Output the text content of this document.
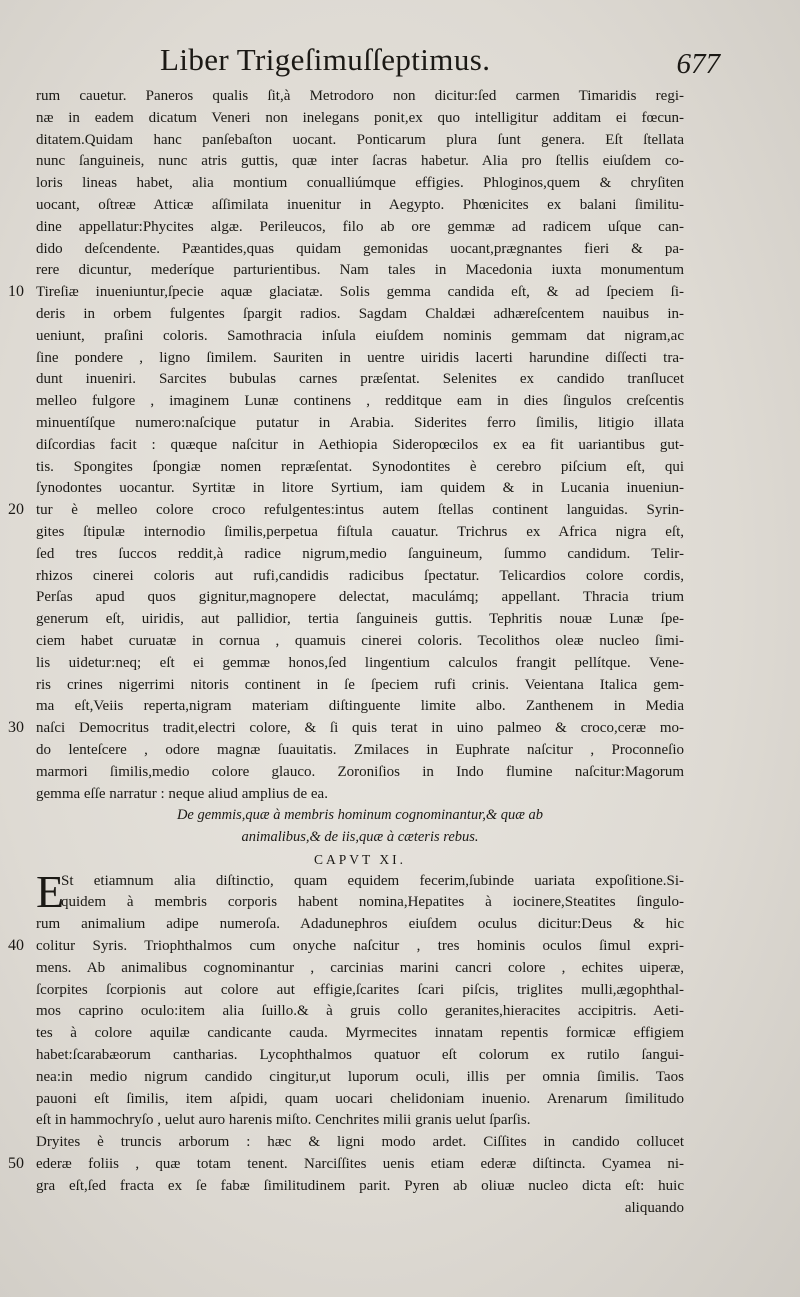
Liber Trigeſimuſſeptimus.	677
rum cauetur. Paneros qualis ſit,à Metrodoro non dicitur:ſed carmen Timaridis regi-
næ in eadem dicatum Veneri non inelegans ponit,ex quo intelligitur additam ei fœcun-
ditatem.Quidam hanc panſebaſton uocant. Ponticarum plura ſunt genera. Eſt ſtellata
nunc ſanguineis, nunc atris guttis, quæ inter ſacras habetur. Alia pro ſtellis eiuſdem co-
loris lineas habet, alia montium conualliúmque effigies. Phloginos,quem & chryſiten
uocant, oſtreæ Atticæ aſſimilata inuenitur in Aegypto. Phœnicites ex balani ſimilitu-
dine appellatur:Phycites algæ. Perileucos, filo ab ore gemmæ ad radicem uſque can-
dido deſcendente. Pæantides,quas quidam gemonidas uocant,prægnantes fieri & pa-
rere dicuntur, mederíque parturientibus. Nam tales in Macedonia iuxta monumentum
Tireſiæ inueniuntur,ſpecie aquæ glaciatæ. Solis gemma candida eſt, & ad ſpeciem ſi-
deris in orbem fulgentes ſpargit radios. Sagdam Chaldæi adhæreſcentem nauibus in-
ueniunt, praſini coloris. Samothracia inſula eiuſdem nominis gemmam dat nigram,ac
ſine pondere , ligno ſimilem. Sauriten in uentre uiridis lacerti harundine diſſecti tra-
dunt inueniri. Sarcites bubulas carnes præſentat. Selenites ex candido tranſlucet
melleo fulgore , imaginem Lunæ continens , redditque eam in dies ſingulos creſcentis
minuentíſque numero:naſcique putatur in Arabia. Siderites ferro ſimilis, litigio illata
diſcordias facit : quæque naſcitur in Aethiopia Siderοpœcilos ex ea fit uariantibus gut-
tis. Spongites ſpongiæ nomen repræſentat. Synodontites è cerebro piſcium eſt, qui
ſynodontes uocantur. Syrtitæ in litore Syrtium, iam quidem & in Lucania inueniun-
tur è melleo colore croco refulgentes:intus autem ſtellas continent languidas. Syrin-
gites ſtipulæ internodio ſimilis,perpetua fiſtula cauatur. Trichrus ex Africa nigra eſt,
ſed tres ſuccos reddit,à radice nigrum,medio ſanguineum, ſummo candidum. Telir-
rhizos cinerei coloris aut rufi,candidis radicibus ſpectatur. Telicardios colore cordis,
Perſas apud quos gignitur,magnopere delectat, maculámq; appellant. Thracia trium
generum eſt, uiridis, aut pallidior, tertia ſanguineis guttis. Tephritis nouæ Lunæ ſpe-
ciem habet curuatæ in cornua , quamuis cinerei coloris. Tecolithos oleæ nucleo ſimi-
lis uidetur:neq; eſt ei gemmæ honos,ſed lingentium calculos frangit pellítque. Vene-
ris crines nigerrimi nitoris continent in ſe ſpeciem rufi crinis. Veientana Italica gem-
ma eſt,Veiis reperta,nigram materiam diſtinguente limite albo. Zanthenem in Media
naſci Democritus tradit,electri colore, & ſi quis terat in uino palmeo & croco,ceræ mo-
do lenteſcere , odore magnæ ſuauitatis. Zmilaces in Euphrate naſcitur , Proconneſio
marmori ſimilis,medio colore glauco. Zoroniſios in Indo flumine naſcitur:Magorum
gemma eſſe narratur : neque aliud amplius de ea.
De gemmis,quæ à membris hominum cognominantur,& quæ ab
animalibus,& de iis,quæ à cæteris rebus.
CAPVT XI.
St etiamnum alia diſtinctio, quam equidem fecerim,ſubinde uariata expoſitione.Si-
quidem à membris corporis habent nomina,Hepatites à iocinere,Steatites ſingulo-
rum animalium adipe numeroſa. Adadunephros eiuſdem oculus dicitur:Deus & hic
colitur Syris. Triophthalmos cum onyche naſcitur , tres hominis oculos ſimul expri-
mens. Ab animalibus cognominantur , carcinias marini cancri colore , echites uiperæ,
ſcorpites ſcorpionis aut colore aut effigie,ſcarites ſcari piſcis, triglites mulli,ægophthal-
mos caprino oculo:item alia ſuillo.& à gruis collo geranites,hieracites accipitris. Aeti-
tes à colore aquilæ candicante cauda. Myrmecites innatam repentis formicæ effigiem
habet:ſcarabæorum cantharias. Lycophthalmos quatuor eſt colorum ex rutilo ſangui-
nea:in medio nigrum candido cingitur,ut luporum oculi, illis per omnia ſimilis. Taos
pauoni eſt ſimilis, item aſpidi, quam uocari chelidoniam inuenio. Arenarum ſimilitudo
eſt in hammochryſo , uelut auro harenis miſto. Cenchrites milii granis uelut ſparſis.
Dryites è truncis arborum : hæc & ligni modo ardet. Ciſſites in candido collucet
ederæ foliis , quæ totam tenent. Narciſſites uenis etiam ederæ diſtincta. Cyamea ni-
gra eſt,ſed fracta ex ſe fabæ ſimilitudinem parit. Pyren ab oliuæ nucleo dicta eſt: huic
aliquando
E
10
20
30
40
50
